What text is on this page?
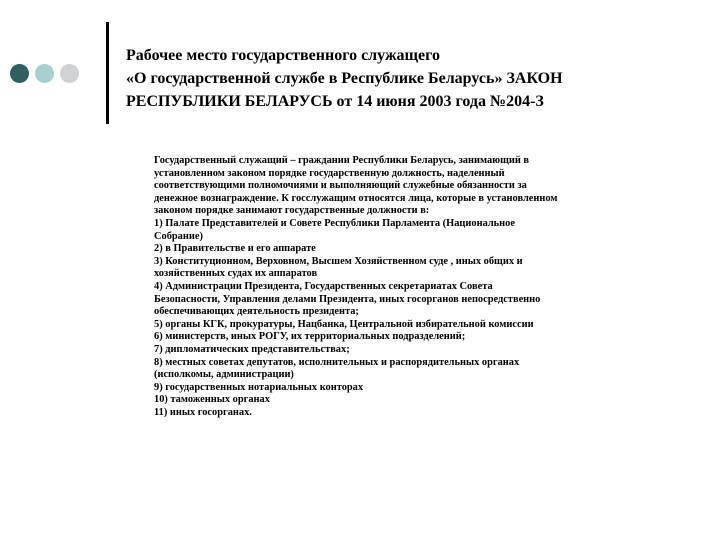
Рабочее место государственного служащего
«О государственной службе в Республике Беларусь» ЗАКОН
РЕСПУБЛИКИ БЕЛАРУСЬ от 14 июня 2003 года №204-З
Государственный служащий – граждании Республики Беларусь, занимающий в
установленном законом порядке государственную должность, наделенный
соответствующими полномочиями и выполняющий служебные обязанности за
денежное вознаграждение. К госслужащим относятся лица, которые в установленном
законом порядке занимают государственные должности в:
1) Палате Представителей и Совете Республики Парламента (Национальное
Собрание)
2) в Правительстве и его аппарате
3) Конституционном, Верховном, Высшем Хозяйственном суде , иных общих и
хозяйственных судах их аппаратов
4) Администрации Президента, Государственных секретариатах Совета
Безопасности, Управления делами Президента, иных госорганов непосредственно
обеспечивающих деятельность президента;
5) органы КГК, прокуратуры, Нацбанка, Центральной избирательной комиссии
6) министерств, иных РОГУ, их территориальных подразделений;
7) дипломатических представительствах;
8) местных советах депутатов, исполнительных и распорядительных органах
(исполкомы, администрации)
9) государственных нотариальных конторах
10) таможенных органах
11) иных госорганах.
